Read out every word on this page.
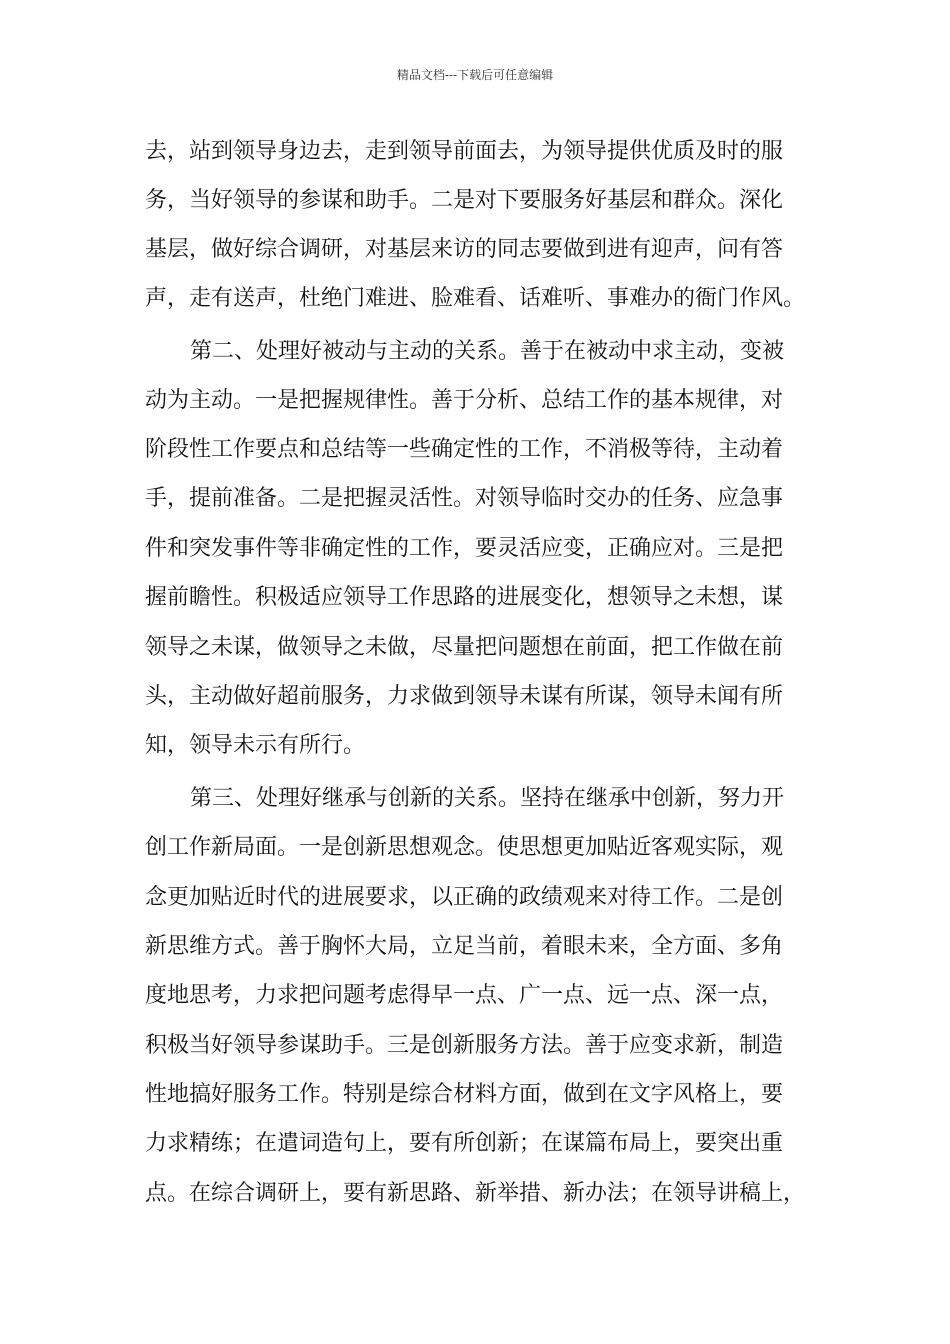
精品文档---下载后可任意编辑
去，站到领导身边去，走到领导前面去，为领导提供优质及时的服
务，当好领导的参谋和助手。二是对下要服务好基层和群众。深化
基层，做好综合调研，对基层来访的同志要做到进有迎声，问有答
声，走有送声，杜绝门难进、脸难看、话难听、事难办的衙门作风。
第二、处理好被动与主动的关系。善于在被动中求主动，变被
动为主动。一是把握规律性。善于分析、总结工作的基本规律，对
阶段性工作要点和总结等一些确定性的工作，不消极等待，主动着
手，提前准备。二是把握灵活性。对领导临时交办的任务、应急事
件和突发事件等非确定性的工作，要灵活应变，正确应对。三是把
握前瞻性。积极适应领导工作思路的进展变化，想领导之未想，谋
领导之未谋，做领导之未做，尽量把问题想在前面，把工作做在前
头，主动做好超前服务，力求做到领导未谋有所谋，领导未闻有所
知，领导未示有所行。
第三、处理好继承与创新的关系。坚持在继承中创新，努力开
创工作新局面。一是创新思想观念。使思想更加贴近客观实际，观
念更加贴近时代的进展要求，以正确的政绩观来对待工作。二是创
新思维方式。善于胸怀大局，立足当前，着眼未来，全方面、多角
度地思考，力求把问题考虑得早一点、广一点、远一点、深一点，
积极当好领导参谋助手。三是创新服务方法。善于应变求新，制造
性地搞好服务工作。特别是综合材料方面，做到在文字风格上，要
力求精练；在遣词造句上，要有所创新；在谋篇布局上，要突出重
点。在综合调研上，要有新思路、新举措、新办法；在领导讲稿上，
